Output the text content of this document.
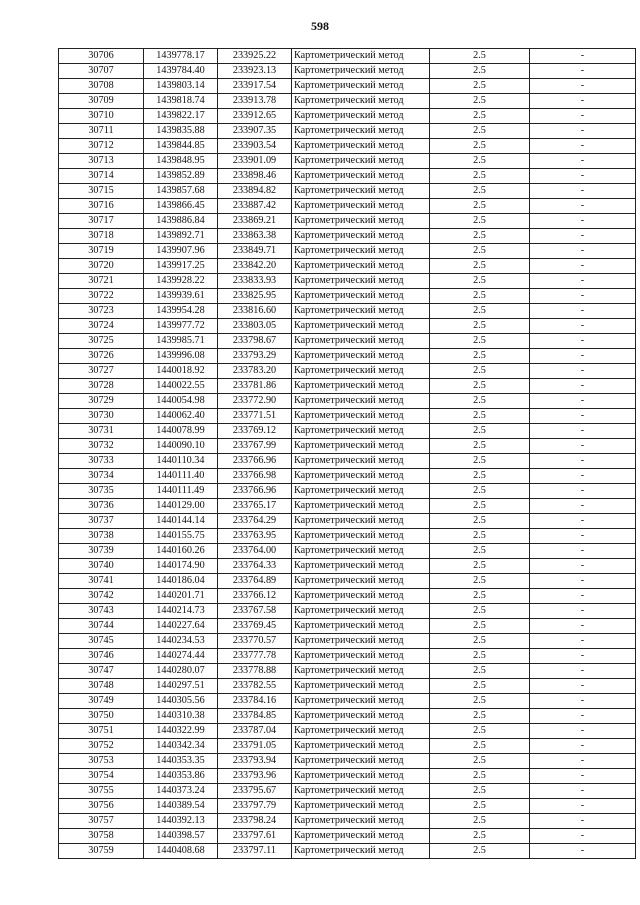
598
30706	1439778.17	233925.22	Картометрический метод	2.5	-
30707	1439784.40	233923.13	Картометрический метод	2.5	-
30708	1439803.14	233917.54	Картометрический метод	2.5	-
30709	1439818.74	233913.78	Картометрический метод	2.5	-
30710	1439822.17	233912.65	Картометрический метод	2.5	-
30711	1439835.88	233907.35	Картометрический метод	2.5	-
30712	1439844.85	233903.54	Картометрический метод	2.5	-
30713	1439848.95	233901.09	Картометрический метод	2.5	-
30714	1439852.89	233898.46	Картометрический метод	2.5	-
30715	1439857.68	233894.82	Картометрический метод	2.5	-
30716	1439866.45	233887.42	Картометрический метод	2.5	-
30717	1439886.84	233869.21	Картометрический метод	2.5	-
30718	1439892.71	233863.38	Картометрический метод	2.5	-
30719	1439907.96	233849.71	Картометрический метод	2.5	-
30720	1439917.25	233842.20	Картометрический метод	2.5	-
30721	1439928.22	233833.93	Картометрический метод	2.5	-
30722	1439939.61	233825.95	Картометрический метод	2.5	-
30723	1439954.28	233816.60	Картометрический метод	2.5	-
30724	1439977.72	233803.05	Картометрический метод	2.5	-
30725	1439985.71	233798.67	Картометрический метод	2.5	-
30726	1439996.08	233793.29	Картометрический метод	2.5	-
30727	1440018.92	233783.20	Картометрический метод	2.5	-
30728	1440022.55	233781.86	Картометрический метод	2.5	-
30729	1440054.98	233772.90	Картометрический метод	2.5	-
30730	1440062.40	233771.51	Картометрический метод	2.5	-
30731	1440078.99	233769.12	Картометрический метод	2.5	-
30732	1440090.10	233767.99	Картометрический метод	2.5	-
30733	1440110.34	233766.96	Картометрический метод	2.5	-
30734	1440111.40	233766.98	Картометрический метод	2.5	-
30735	1440111.49	233766.96	Картометрический метод	2.5	-
30736	1440129.00	233765.17	Картометрический метод	2.5	-
30737	1440144.14	233764.29	Картометрический метод	2.5	-
30738	1440155.75	233763.95	Картометрический метод	2.5	-
30739	1440160.26	233764.00	Картометрический метод	2.5	-
30740	1440174.90	233764.33	Картометрический метод	2.5	-
30741	1440186.04	233764.89	Картометрический метод	2.5	-
30742	1440201.71	233766.12	Картометрический метод	2.5	-
30743	1440214.73	233767.58	Картометрический метод	2.5	-
30744	1440227.64	233769.45	Картометрический метод	2.5	-
30745	1440234.53	233770.57	Картометрический метод	2.5	-
30746	1440274.44	233777.78	Картометрический метод	2.5	-
30747	1440280.07	233778.88	Картометрический метод	2.5	-
30748	1440297.51	233782.55	Картометрический метод	2.5	-
30749	1440305.56	233784.16	Картометрический метод	2.5	-
30750	1440310.38	233784.85	Картометрический метод	2.5	-
30751	1440322.99	233787.04	Картометрический метод	2.5	-
30752	1440342.34	233791.05	Картометрический метод	2.5	-
30753	1440353.35	233793.94	Картометрический метод	2.5	-
30754	1440353.86	233793.96	Картометрический метод	2.5	-
30755	1440373.24	233795.67	Картометрический метод	2.5	-
30756	1440389.54	233797.79	Картометрический метод	2.5	-
30757	1440392.13	233798.24	Картометрический метод	2.5	-
30758	1440398.57	233797.61	Картометрический метод	2.5	-
30759	1440408.68	233797.11	Картометрический метод	2.5	-
